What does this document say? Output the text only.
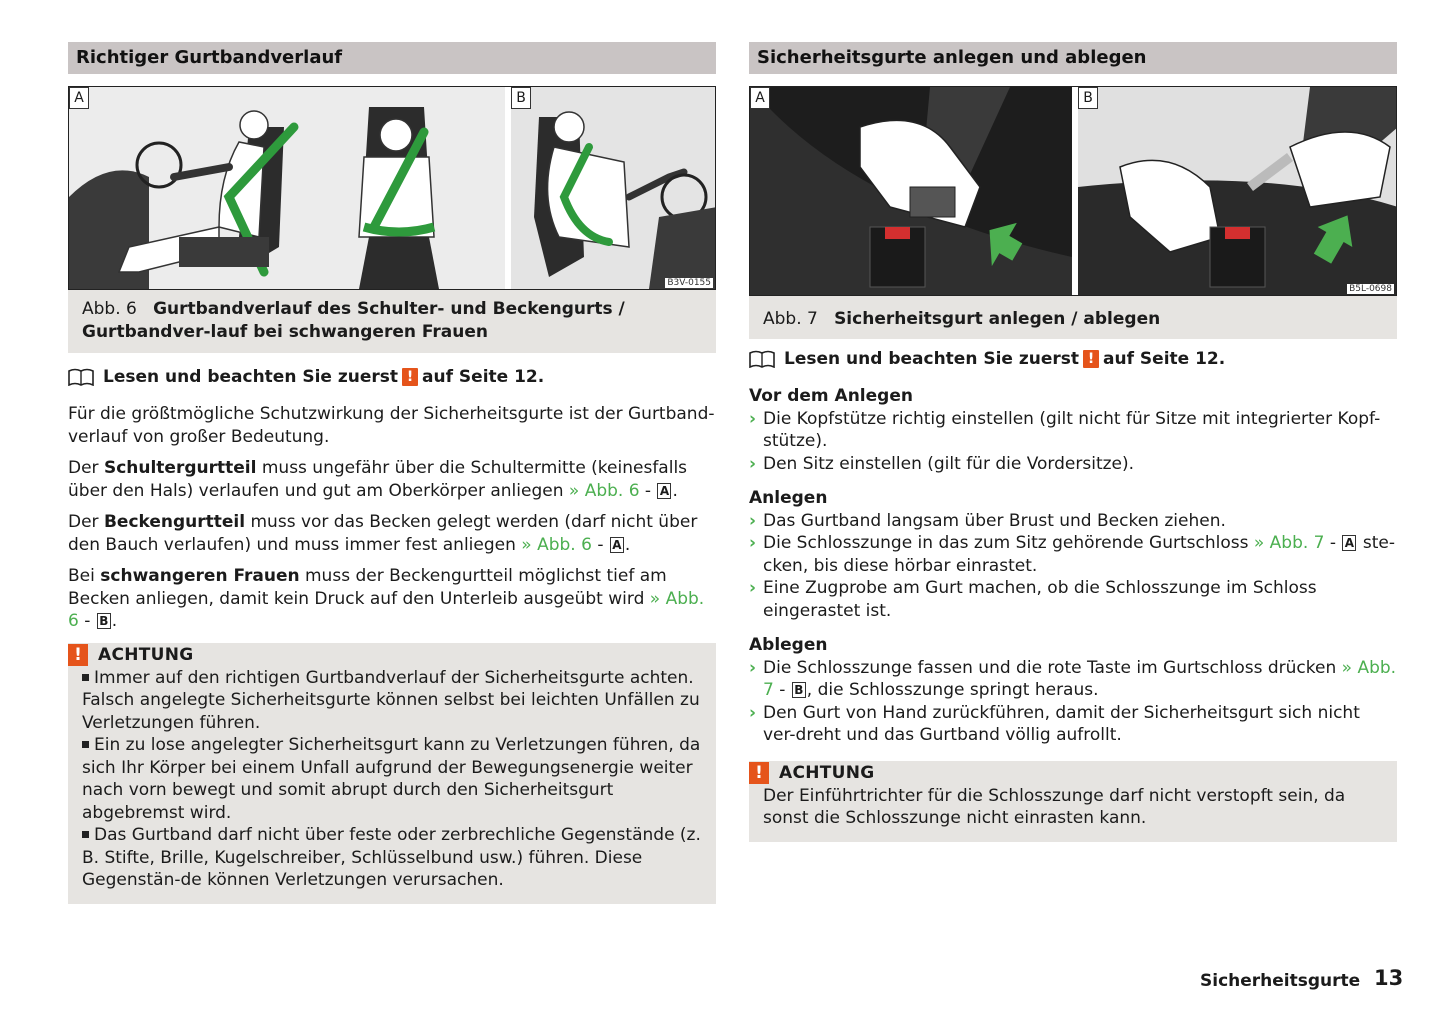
Richtiger Gurtbandverlauf
A	B
B3V-0155
Abb. 6 Gurtbandverlauf des Schulter- und Beckengurts / Gurtbandver-lauf bei schwangeren Frauen
Lesen und beachten Sie zuerst ! auf Seite 12.

Für die größtmögliche Schutzwirkung der Sicherheitsgurte ist der Gurtband-verlauf von großer Bedeutung.

Der Schultergurtteil muss ungefähr über die Schultermitte (keinesfalls über den Hals) verlaufen und gut am Oberkörper anliegen » Abb. 6 - A .

Der Beckengurtteil muss vor das Becken gelegt werden (darf nicht über den Bauch verlaufen) und muss immer fest anliegen » Abb. 6 - A .

Bei schwangeren Frauen muss der Beckengurtteil möglichst tief am Becken anliegen, damit kein Druck auf den Unterleib ausgeübt wird » Abb. 6 - B .

! ACHTUNG

Immer auf den richtigen Gurtbandverlauf der Sicherheitsgurte achten. Falsch angelegte Sicherheitsgurte können selbst bei leichten Unfällen zu Verletzungen führen.

Ein zu lose angelegter Sicherheitsgurt kann zu Verletzungen führen, da sich Ihr Körper bei einem Unfall aufgrund der Bewegungsenergie weiter nach vorn bewegt und somit abrupt durch den Sicherheitsgurt abgebremst wird.

Das Gurtband darf nicht über feste oder zerbrechliche Gegenstände (z. B. Stifte, Brille, Kugelschreiber, Schlüsselbund usw.) führen. Diese Gegenstän-de können Verletzungen verursachen.

Sicherheitsgurte anlegen und ablegen
A	B
B5L-0698
Abb. 7 Sicherheitsgurt anlegen / ablegen
Lesen und beachten Sie zuerst ! auf Seite 12.

Vor dem Anlegen

› Die Kopfstütze richtig einstellen (gilt nicht für Sitze mit integrierter Kopf-stütze).
› Den Sitz einstellen (gilt für die Vordersitze).

Anlegen

› Das Gurtband langsam über Brust und Becken ziehen.
› Die Schlosszunge in das zum Sitz gehörende Gurtschloss » Abb. 7 - A ste-cken, bis diese hörbar einrastet.
› Eine Zugprobe am Gurt machen, ob die Schlosszunge im Schloss eingerastet ist.

Ablegen

› Die Schlosszunge fassen und die rote Taste im Gurtschloss drücken » Abb. 7 - B , die Schlosszunge springt heraus.
› Den Gurt von Hand zurückführen, damit der Sicherheitsgurt sich nicht ver-dreht und das Gurtband völlig aufrollt.
! ACHTUNG

Der Einführtrichter für die Schlosszunge darf nicht verstopft sein, da sonst die Schlosszunge nicht einrasten kann.

Sicherheitsgurte 13
